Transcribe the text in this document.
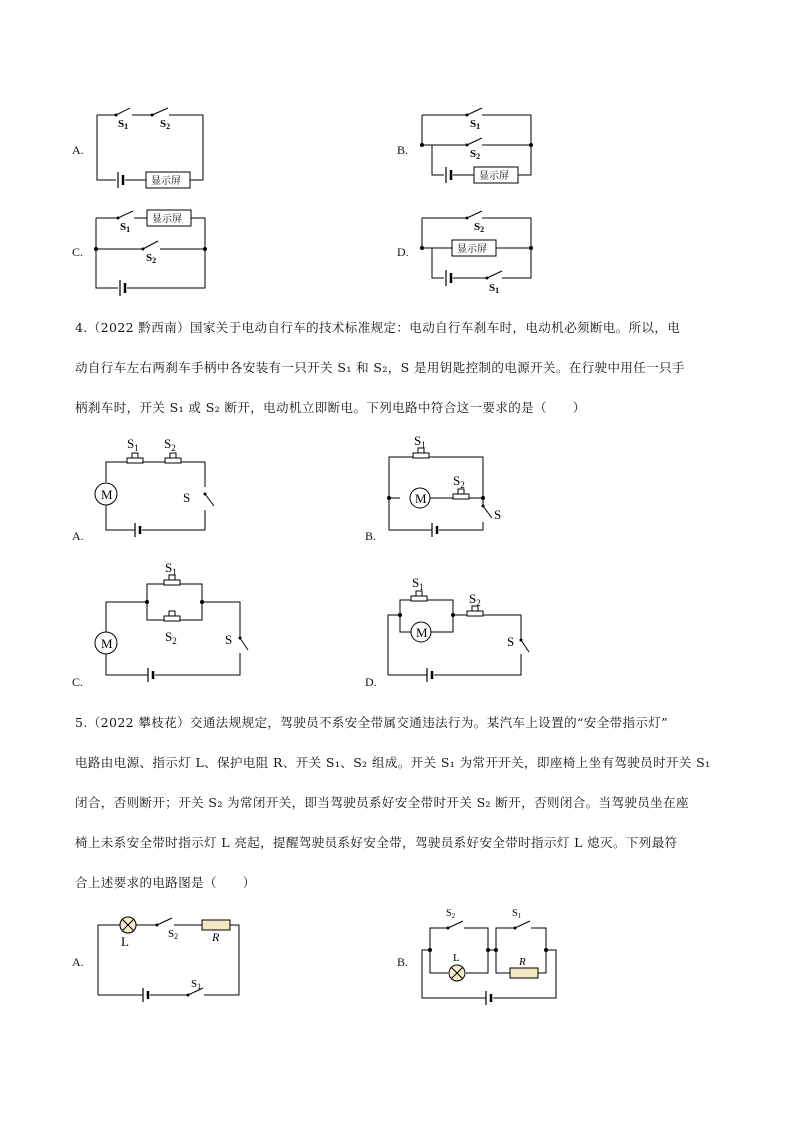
A.	B.
C.	D.
S1	S2
显示屏
S1
S2
显示屏
S1
S2
显示屏
S2
S1
显示屏
4.（2022 黔西南）国家关于电动自行车的技术标准规定：电动自行车刹车时，电动机必须断电。所以，电
动自行车左右两刹车手柄中各安装有一只开关 S₁ 和 S₂，S 是用钥匙控制的电源开关。在行驶中用任一只手
柄刹车时，开关 S₁ 或 S₂ 断开，电动机立即断电。下列电路中符合这一要求的是（　　）
A.	B.
C.	D.
M
$S_1$ $S_2$
S	M
$S_1$
$S_2$
S
M
$S_1$
$S_2$	S	M
$S_1$
$S_2$
S
5.（2022 攀枝花）交通法规规定，驾驶员不系安全带属交通违法行为。某汽车上设置的“安全带指示灯”
电路由电源、指示灯 L、保护电阻 R、开关 S₁、S₂ 组成。开关 S₁ 为常开开关，即座椅上坐有驾驶员时开关 S₁
闭合，否则断开；开关 S₂ 为常闭开关，即当驾驶员系好安全带时开关 S₂ 断开，否则闭合。当驾驶员坐在座
椅上未系安全带时指示灯 L 亮起，提醒驾驶员系好安全带，驾驶员系好安全带时指示灯 L 熄灭。下列最符
合上述要求的电路图是（　　）
A.	B.
L	S2	R
S1
$S_2$	$S_1$
L	R
